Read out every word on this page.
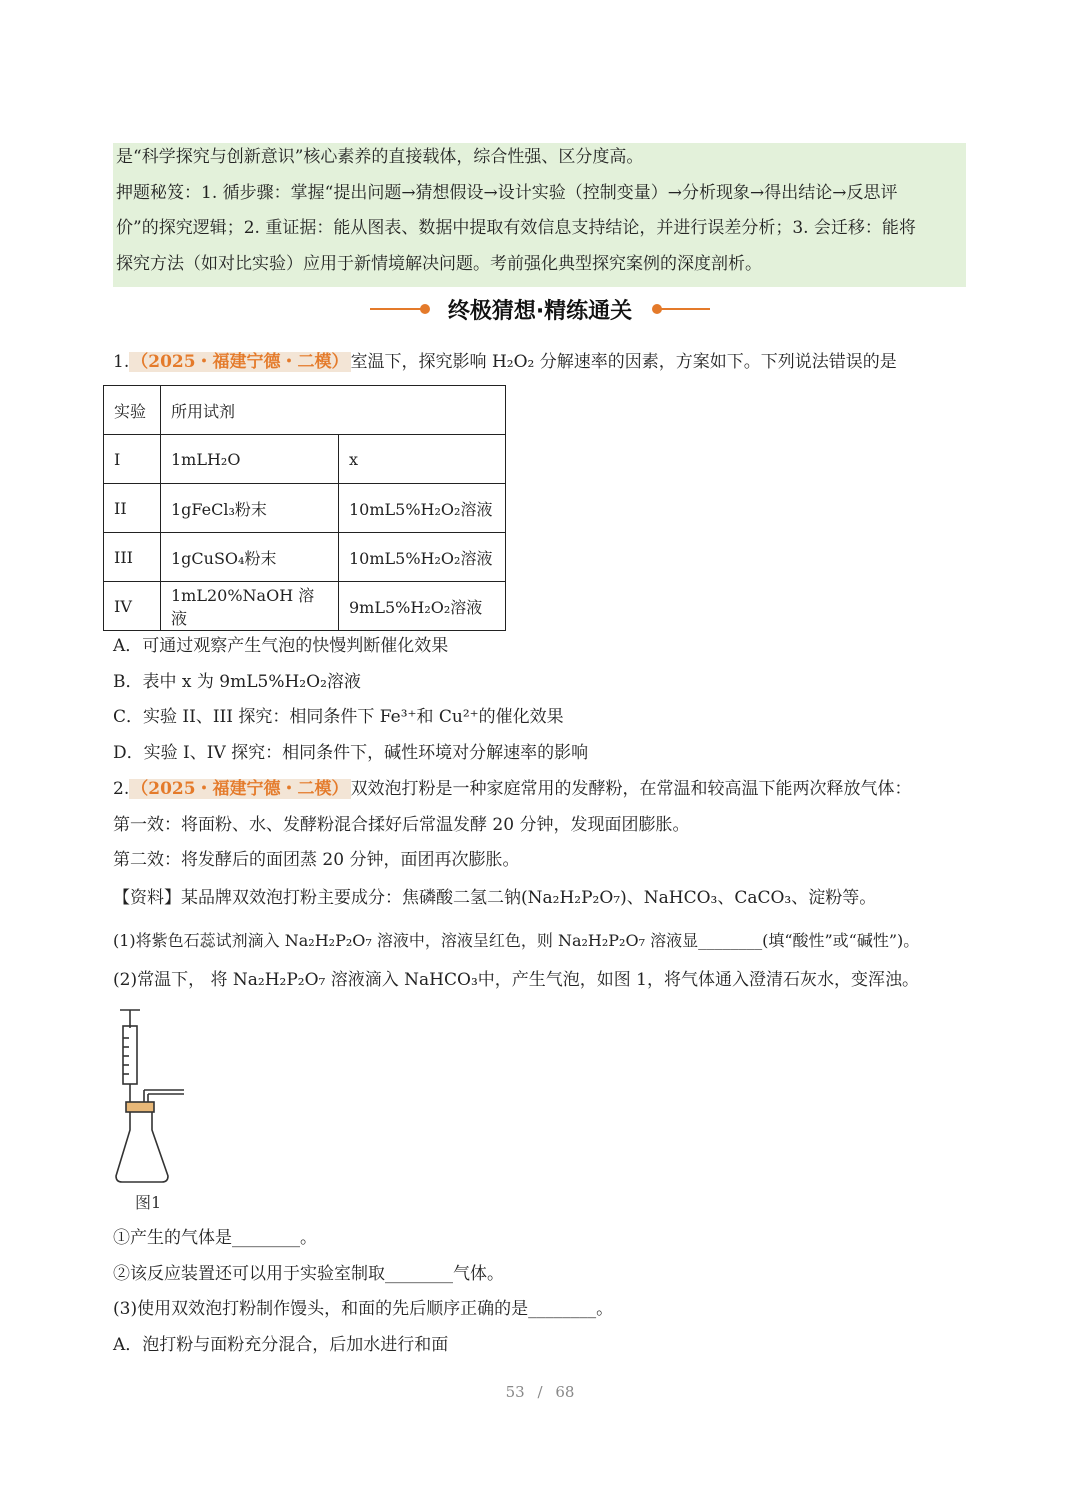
是“科学探究与创新意识”核心素养的直接载体，综合性强、区分度高。
押题秘笈：1. 循步骤：掌握“提出问题→猜想假设→设计实验（控制变量）→分析现象→得出结论→反思评
价”的探究逻辑；2. 重证据：能从图表、数据中提取有效信息支持结论，并进行误差分析；3. 会迁移：能将
探究方法（如对比实验）应用于新情境解决问题。考前强化典型探究案例的深度剖析。
终极猜想·精练通关
1. （2025・福建宁德・二模） 室温下，探究影响 H₂O₂ 分解速率的因素，方案如下。下列说法错误的是
实验	所用试剂	
I	1mLH₂O	x
II	1gFeCl₃粉末	10mL5%H₂O₂溶液
III	1gCuSO₄粉末	10mL5%H₂O₂溶液
IV	1mL20%NaOH 溶液	9mL5%H₂O₂溶液
A．可通过观察产生气泡的快慢判断催化效果
B．表中 x 为 9mL5%H₂O₂溶液
C．实验 II、III 探究：相同条件下 Fe³⁺和 Cu²⁺的催化效果
D．实验 I、IV 探究：相同条件下，碱性环境对分解速率的影响
2. （2025・福建宁德・二模） 双效泡打粉是一种家庭常用的发酵粉，在常温和较高温下能两次释放气体：
第一效：将面粉、水、发酵粉混合揉好后常温发酵 20 分钟，发现面团膨胀。
第二效：将发酵后的面团蒸 20 分钟，面团再次膨胀。
【资料】某品牌双效泡打粉主要成分：焦磷酸二氢二钠(Na₂H₂P₂O₇)、NaHCO₃、CaCO₃、淀粉等。
(1)将紫色石蕊试剂滴入 Na₂H₂P₂O₇ 溶液中，溶液呈红色，则 Na₂H₂P₂O₇ 溶液显________(填“酸性”或“碱性”)。
(2)常温下， 将 Na₂H₂P₂O₇ 溶液滴入 NaHCO₃中，产生气泡，如图 1，将气体通入澄清石灰水，变浑浊。
图1
①产生的气体是________。
②该反应装置还可以用于实验室制取________气体。
(3)使用双效泡打粉制作馒头，和面的先后顺序正确的是________。
A．泡打粉与面粉充分混合，后加水进行和面
53 / 68
